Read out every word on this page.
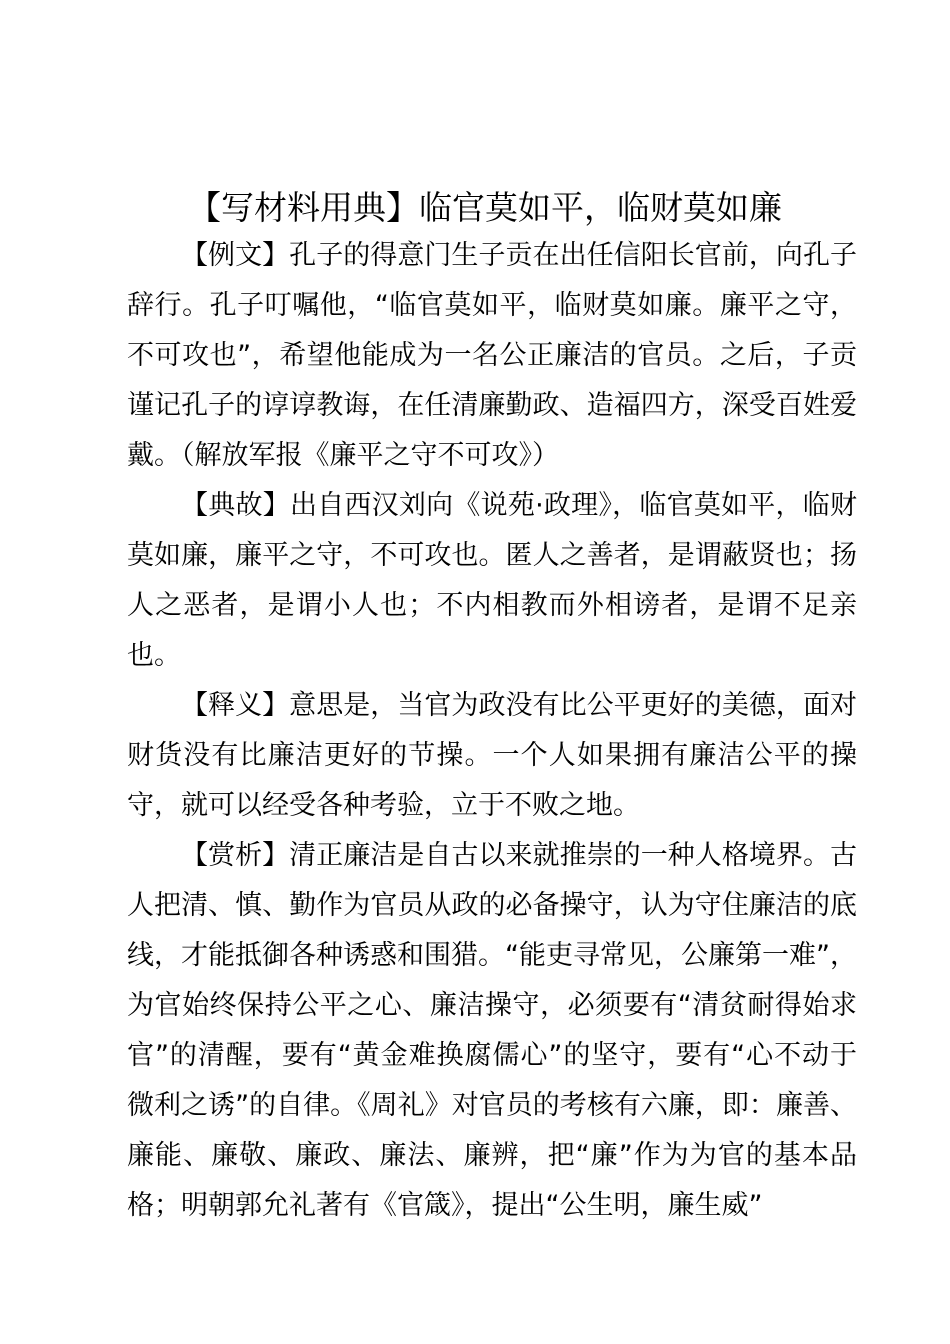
【写材料用典】临官莫如平，临财莫如廉

【例文】孔子的得意门生子贡在出任信阳长官前，向孔子辞行。孔子叮嘱他，“临官莫如平，临财莫如廉。廉平之守，不可攻也”，希望他能成为一名公正廉洁的官员。之后，子贡谨记孔子的谆谆教诲，在任清廉勤政、造福四方，深受百姓爱戴。（解放军报《廉平之守不可攻》）

【典故】出自西汉刘向《说苑·政理》，临官莫如平，临财莫如廉，廉平之守，不可攻也。匿人之善者，是谓蔽贤也；扬人之恶者，是谓小人也；不内相教而外相谤者，是谓不足亲也。

【释义】意思是，当官为政没有比公平更好的美德，面对财货没有比廉洁更好的节操。一个人如果拥有廉洁公平的操守，就可以经受各种考验，立于不败之地。

【赏析】清正廉洁是自古以来就推崇的一种人格境界。古人把清、慎、勤作为官员从政的必备操守，认为守住廉洁的底线，才能抵御各种诱惑和围猎。“能吏寻常见，公廉第一难”，为官始终保持公平之心、廉洁操守，必须要有“清贫耐得始求官”的清醒，要有“黄金难换腐儒心”的坚守，要有“心不动于微利之诱”的自律。《周礼》对官员的考核有六廉，即：廉善、廉能、廉敬、廉政、廉法、廉辨，把“廉”作为为官的基本品格；明朝郭允礼著有《官箴》，提出“公生明，廉生威”
